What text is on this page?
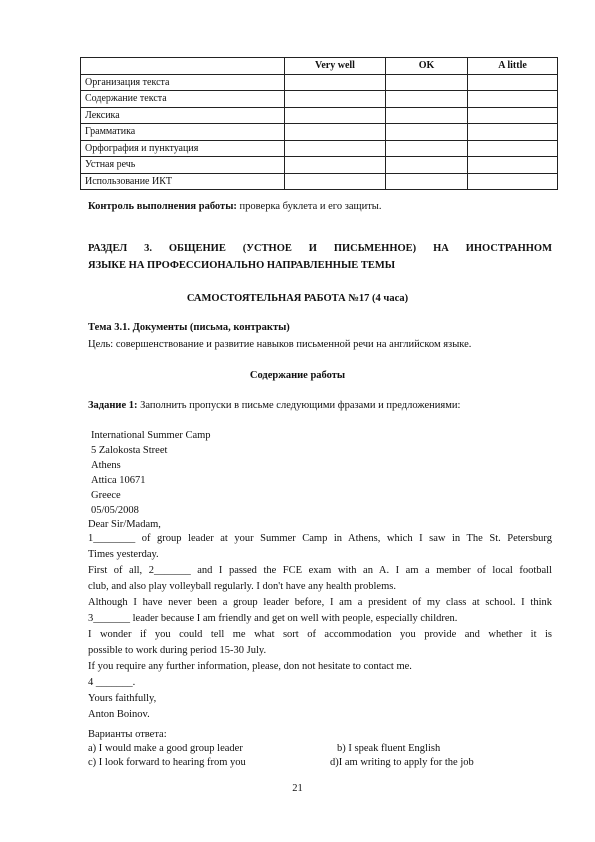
	Very well	OK	A little
Организация текста			
Содержание текста			
Лексика			
Грамматика			
Орфография и пунктуация			
Устная речь			
Использование ИКТ			
Контроль выполнения работы: проверка буклета и его защиты.
РАЗДЕЛ 3. ОБЩЕНИЕ (УСТНОЕ И ПИСЬМЕННОЕ) НА ИНОСТРАННОМ
ЯЗЫКЕ НА ПРОФЕССИОНАЛЬНО НАПРАВЛЕННЫЕ ТЕМЫ
САМОСТОЯТЕЛЬНАЯ РАБОТА №17 (4 часа)
Тема 3.1. Документы (письма, контракты)
Цель: совершенствование и развитие навыков письменной речи на английском языке.
Содержание работы
Задание 1: Заполнить пропуски в письме следующими фразами и предложениями:
International Summer Camp
5 Zalokosta Street
Athens
Attica 10671
Greece
05/05/2008
Dear Sir/Madam,
1________ of group leader at your Summer Camp in Athens, which I saw in The St. Petersburg
Times yesterday.
First of all, 2_______ and I passed the FCE exam with an A. I am a member of local football
club, and also play volleyball regularly. I don't have any health problems.
Although I have never been a group leader before, I am a president of my class at school. I think
3_______ leader because I am friendly and get on well with people, especially children.
I wonder if you could tell me what sort of accommodation you provide and whether it is
possible to work during period 15-30 July.
If you require any further information, please, don not hesitate to contact me.
4 _______.
Yours faithfully,
Anton Boinov.
Варианты ответа:
a) I would make a good group leader	b) I speak fluent English
c) I look forward to hearing from you	d)I am writing to apply for the job
21
